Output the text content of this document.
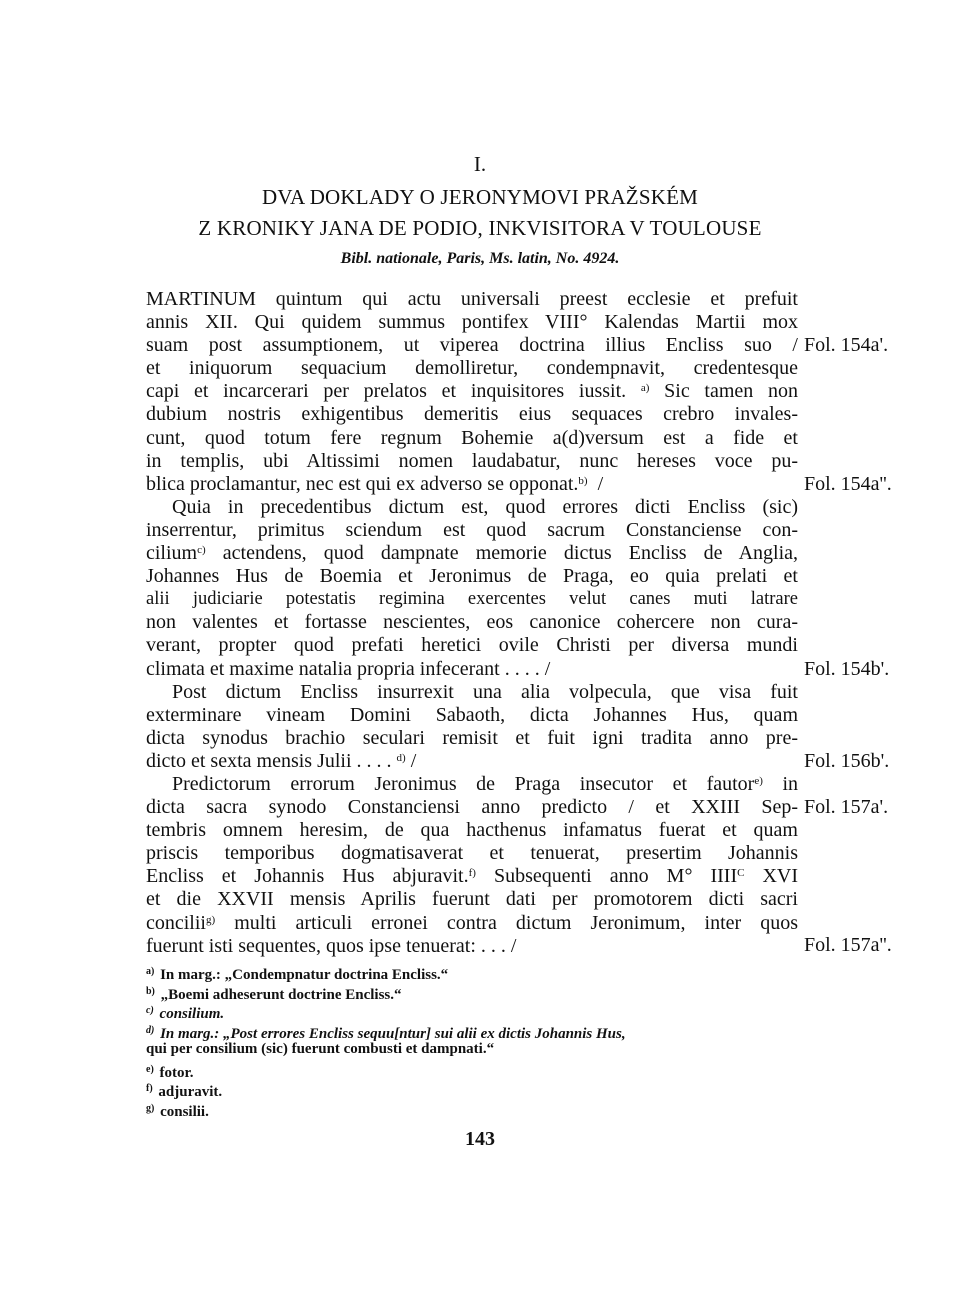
I.
DVA DOKLADY O JERONYMOVI PRAŽSKÉM
Z KRONIKY JANA DE PODIO, INKVISITORA V TOULOUSE
Bibl. nationale, Paris, Ms. latin, No. 4924.
MARTINUM quintum qui actu universali preest ecclesie et prefuit
annis XII. Qui quidem summus pontifex VIII° Kalendas Martii mox
suam post assumptionem, ut viperea doctrina illius Encliss suo /
et iniquorum sequacium demolliretur, condempnavit, credentesque
capi et incarcerari per prelatos et inquisitores iussit. $^{a)}$ Sic tamen non
dubium nostris exhigentibus demeritis eius sequaces crebro invales-
cunt, quod totum fere regnum Bohemie a(d)versum est a fide et
in templis, ubi Altissimi nomen laudabatur, nunc hereses voce pu-
blica proclamantur, nec est qui ex adverso se opponat.$^{b)}$ /
Quia in precedentibus dictum est, quod errores dicti Encliss (sic)
inserrentur, primitus sciendum est quod sacrum Constanciense con-
cilium$^{c)}$ actendens, quod dampnate memorie dictus Encliss de Anglia,
Johannes Hus de Boemia et Jeronimus de Praga, eo quia prelati et
alii judiciarie potestatis regimina exercentes velut canes muti latrare
non valentes et fortasse nescientes, eos canonice cohercere non cura-
verant, propter quod prefati heretici ovile Christi per diversa mundi
climata et maxime natalia propria infecerant . . . . /
Post dictum Encliss insurrexit una alia volpecula, que visa fuit
exterminare vineam Domini Sabaoth, dicta Johannes Hus, quam
dicta synodus brachio seculari remisit et fuit igni tradita anno pre-
dicto et sexta mensis Julii . . . . $^{d)}$ /
Predictorum errorum Jeronimus de Praga insecutor et fautor$^{e)}$ in
dicta sacra synodo Constanciensi anno predicto / et XXIII Sep-
tembris omnem heresim, de qua hacthenus infamatus fuerat et quam
priscis temporibus dogmatisaverat et tenuerat, presertim Johannis
Encliss et Johannis Hus abjuravit.$^{f)}$ Subsequenti anno M° $IIII^C$ XVI
et die XXVII mensis Aprilis fuerunt dati per promotorem dicti sacri
concilii$^{g)}$ multi articuli erronei contra dictum Jeronimum, inter quos
fuerunt isti sequentes, quos ipse tenuerat: . . . /
Fol. 154a'.
Fol. 154a''.
Fol. 154b'.
Fol. 156b'.
Fol. 157a'.
Fol. 157a''.
$^{a)}$ In marg.: „Condempnatur doctrina Encliss.“
$^{b)}$ „Boemi adheserunt doctrine Encliss.“
$^{c)}$ consilium.
$^{d)}$ In marg.: „Post errores Encliss sequu[ntur] sui alii ex dictis Johannis Hus,
qui per consilium (sic) fuerunt combusti et dampnati.“
$^{e)}$ fotor.
$^{f)}$ adjuravit.
$^{g)}$ consilii.
143
